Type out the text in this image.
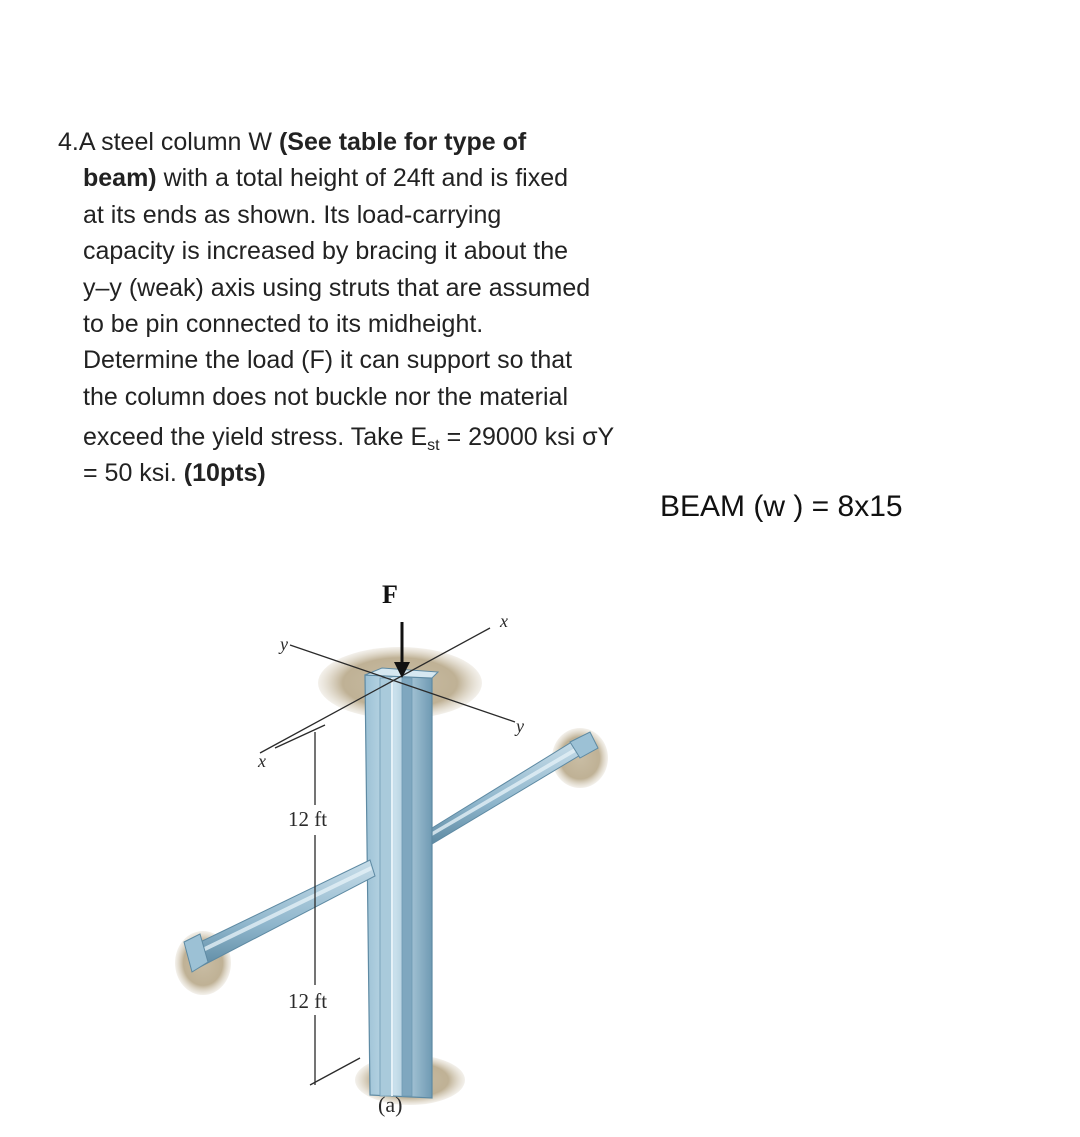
4.A steel column W (See table for type of
beam) with a total height of 24ft and is fixed
at its ends as shown. Its load-carrying
capacity is increased by bracing it about the
y–y (weak) axis using struts that are assumed
to be pin connected to its midheight.
Determine the load (F) it can support so that
the column does not buckle nor the material
exceed the yield stress. Take $E_{st} = 29000$ ksi σY
= 50 ksi. (10pts)
BEAM (w ) = 8x15
y
x
y
x
F
12 ft
12 ft
(a)
